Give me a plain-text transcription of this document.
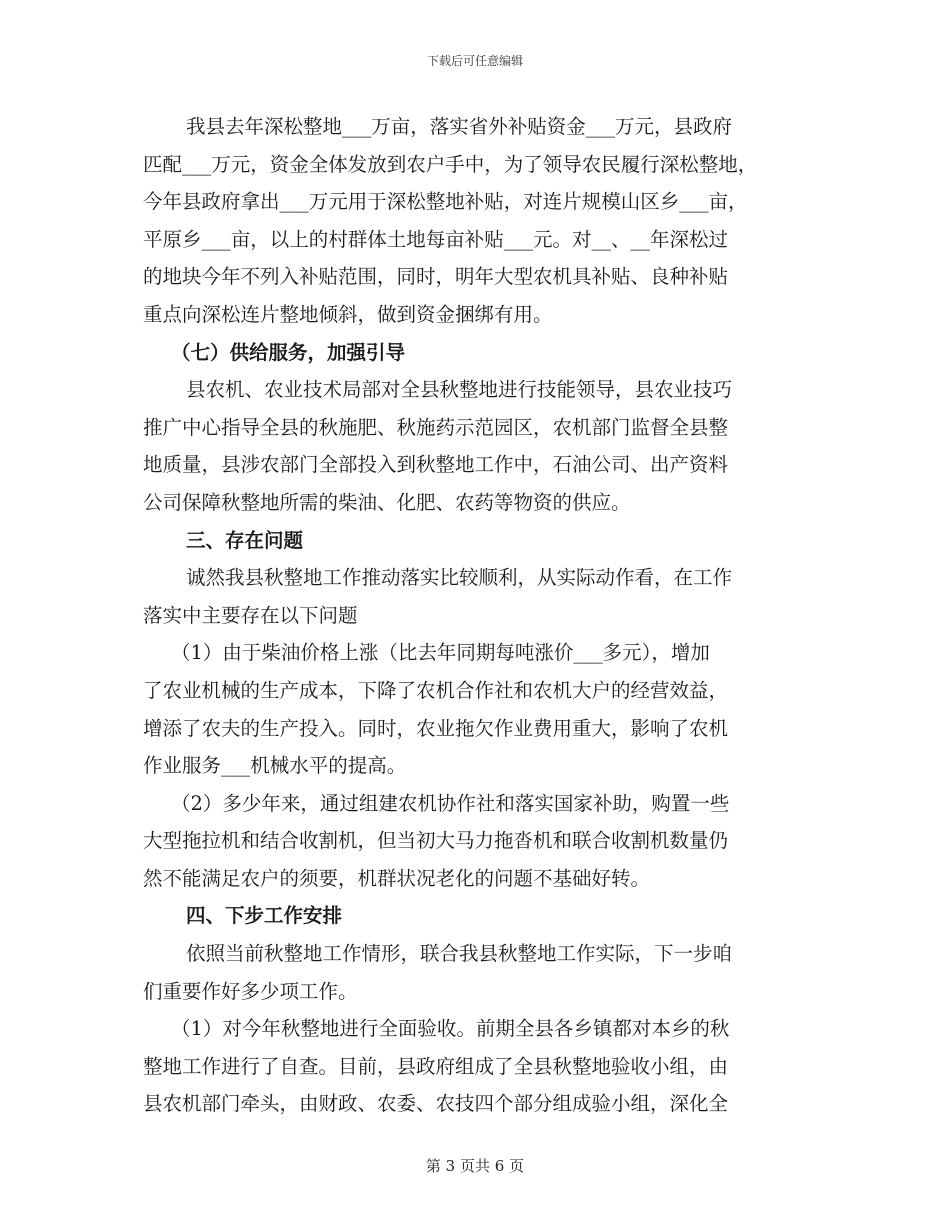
下载后可任意编辑
我县去年深松整地___万亩，落实省外补贴资金___万元，县政府
匹配___万元，资金全体发放到农户手中，为了领导农民履行深松整地，
今年县政府拿出___万元用于深松整地补贴，对连片规模山区乡___亩，
平原乡___亩，以上的村群体土地每亩补贴___元。对__、__年深松过
的地块今年不列入补贴范围，同时，明年大型农机具补贴、良种补贴
重点向深松连片整地倾斜，做到资金捆绑有用。
（七）供给服务，加强引导
县农机、农业技术局部对全县秋整地进行技能领导，县农业技巧
推广中心指导全县的秋施肥、秋施药示范园区，农机部门监督全县整
地质量，县涉农部门全部投入到秋整地工作中，石油公司、出产资料
公司保障秋整地所需的柴油、化肥、农药等物资的供应。
三、存在问题
诚然我县秋整地工作推动落实比较顺利，从实际动作看，在工作
落实中主要存在以下问题
（1）由于柴油价格上涨（比去年同期每吨涨价___多元），增加
了农业机械的生产成本，下降了农机合作社和农机大户的经营效益，
增添了农夫的生产投入。同时，农业拖欠作业费用重大，影响了农机
作业服务___机械水平的提高。
（2）多少年来，通过组建农机协作社和落实国家补助，购置一些
大型拖拉机和结合收割机，但当初大马力拖沓机和联合收割机数量仍
然不能满足农户的须要，机群状况老化的问题不基础好转。
四、下步工作安排
依照当前秋整地工作情形，联合我县秋整地工作实际，下一步咱
们重要作好多少项工作。
（1）对今年秋整地进行全面验收。前期全县各乡镇都对本乡的秋
整地工作进行了自查。目前，县政府组成了全县秋整地验收小组，由
县农机部门牵头，由财政、农委、农技四个部分组成验小组，深化全
第 3 页共 6 页
